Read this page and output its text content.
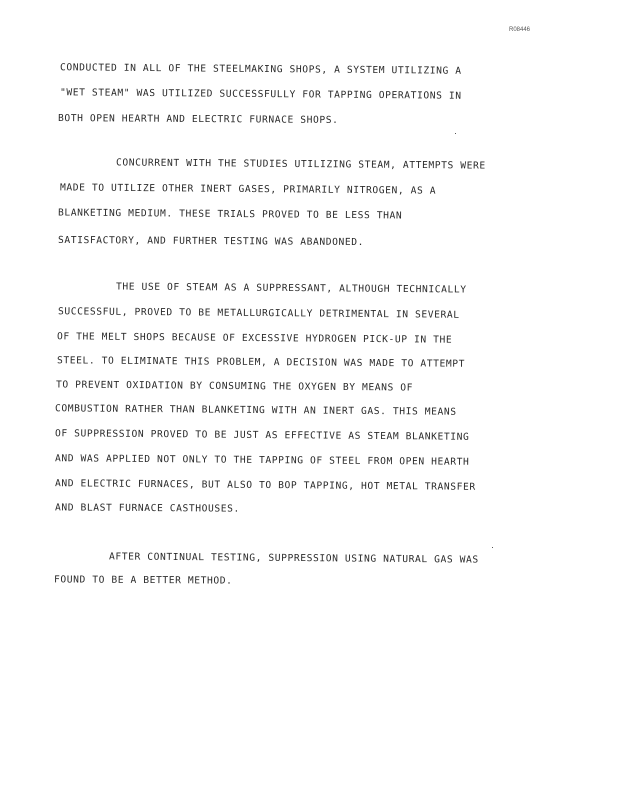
R08446
CONDUCTED IN ALL OF THE STEELMAKING SHOPS, A SYSTEM UTILIZING A
"WET STEAM" WAS UTILIZED SUCCESSFULLY FOR TAPPING OPERATIONS IN
BOTH OPEN HEARTH AND ELECTRIC FURNACE SHOPS.
CONCURRENT WITH THE STUDIES UTILIZING STEAM, ATTEMPTS WERE
MADE TO UTILIZE OTHER INERT GASES, PRIMARILY NITROGEN, AS A
BLANKETING MEDIUM. THESE TRIALS PROVED TO BE LESS THAN
SATISFACTORY, AND FURTHER TESTING WAS ABANDONED.
THE USE OF STEAM AS A SUPPRESSANT, ALTHOUGH TECHNICALLY
SUCCESSFUL, PROVED TO BE METALLURGICALLY DETRIMENTAL IN SEVERAL
OF THE MELT SHOPS BECAUSE OF EXCESSIVE HYDROGEN PICK-UP IN THE
STEEL. TO ELIMINATE THIS PROBLEM, A DECISION WAS MADE TO ATTEMPT
TO PREVENT OXIDATION BY CONSUMING THE OXYGEN BY MEANS OF
COMBUSTION RATHER THAN BLANKETING WITH AN INERT GAS. THIS MEANS
OF SUPPRESSION PROVED TO BE JUST AS EFFECTIVE AS STEAM BLANKETING
AND WAS APPLIED NOT ONLY TO THE TAPPING OF STEEL FROM OPEN HEARTH
AND ELECTRIC FURNACES, BUT ALSO TO BOP TAPPING, HOT METAL TRANSFER
AND BLAST FURNACE CASTHOUSES.
AFTER CONTINUAL TESTING, SUPPRESSION USING NATURAL GAS WAS
FOUND TO BE A BETTER METHOD.
